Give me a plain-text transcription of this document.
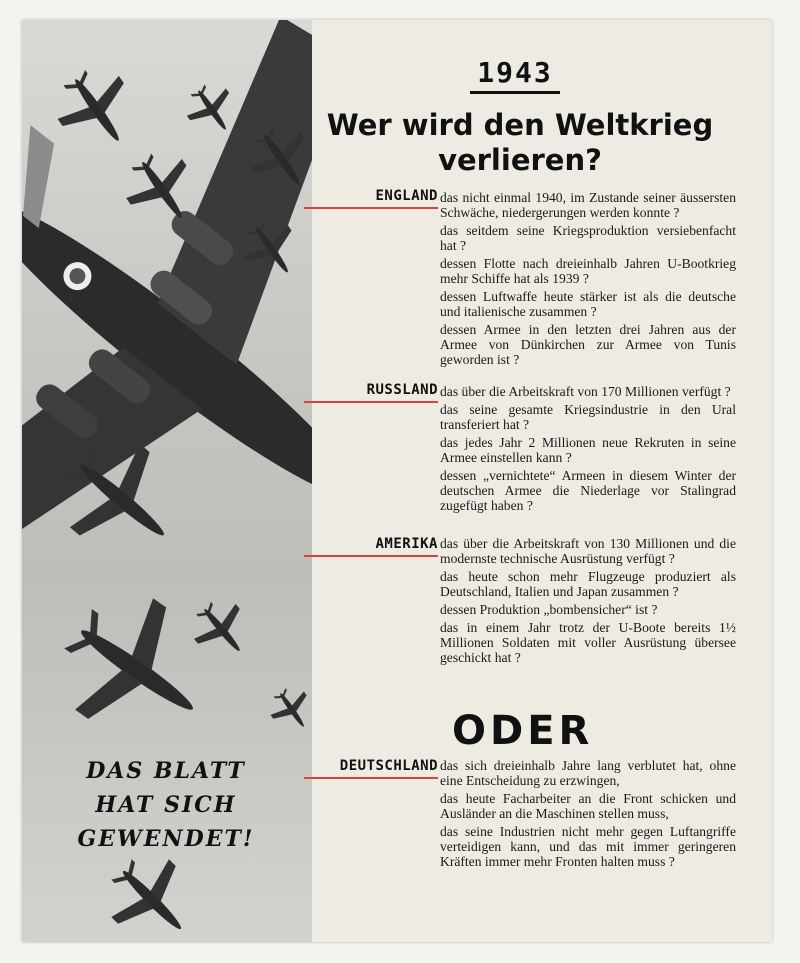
DAS BLATT
HAT SICH
GEWENDET!
1943
Wer wird den Weltkrieg
verlieren?
ENGLAND das nicht einmal 1940, im Zustande seiner äussersten Schwäche, niedergerungen werden konnte ?
das seitdem seine Kriegsproduktion versiebenfacht hat ?
dessen Flotte nach dreieinhalb Jahren U-Bootkrieg mehr Schiffe hat als 1939 ?
dessen Luftwaffe heute stärker ist als die deutsche und italienische zusammen ?
dessen Armee in den letzten drei Jahren aus der Armee von Dünkirchen zur Armee von Tunis geworden ist ?
RUSSLAND das über die Arbeitskraft von 170 Millionen verfügt ?
das seine gesamte Kriegsindustrie in den Ural transferiert hat ?
das jedes Jahr 2 Millionen neue Rekruten in seine Armee einstellen kann ?
dessen „vernichtete“ Armeen in diesem Winter der deutschen Armee die Niederlage vor Stalingrad zugefügt haben ?
AMERIKA das über die Arbeitskraft von 130 Millionen und die modernste technische Ausrüstung verfügt ?
das heute schon mehr Flugzeuge produziert als Deutschland, Italien und Japan zusammen ?
dessen Produktion „bombensicher“ ist ?
das in einem Jahr trotz der U-Boote bereits 1½ Millionen Soldaten mit voller Ausrüstung übersee geschickt hat ?
ODER
DEUTSCHLAND das sich dreieinhalb Jahre lang verblutet hat, ohne eine Entscheidung zu erzwingen,
das heute Facharbeiter an die Front schicken und Ausländer an die Maschinen stellen muss,
das seine Industrien nicht mehr gegen Luftangriffe verteidigen kann, und das mit immer geringeren Kräften immer mehr Fronten halten muss ?
